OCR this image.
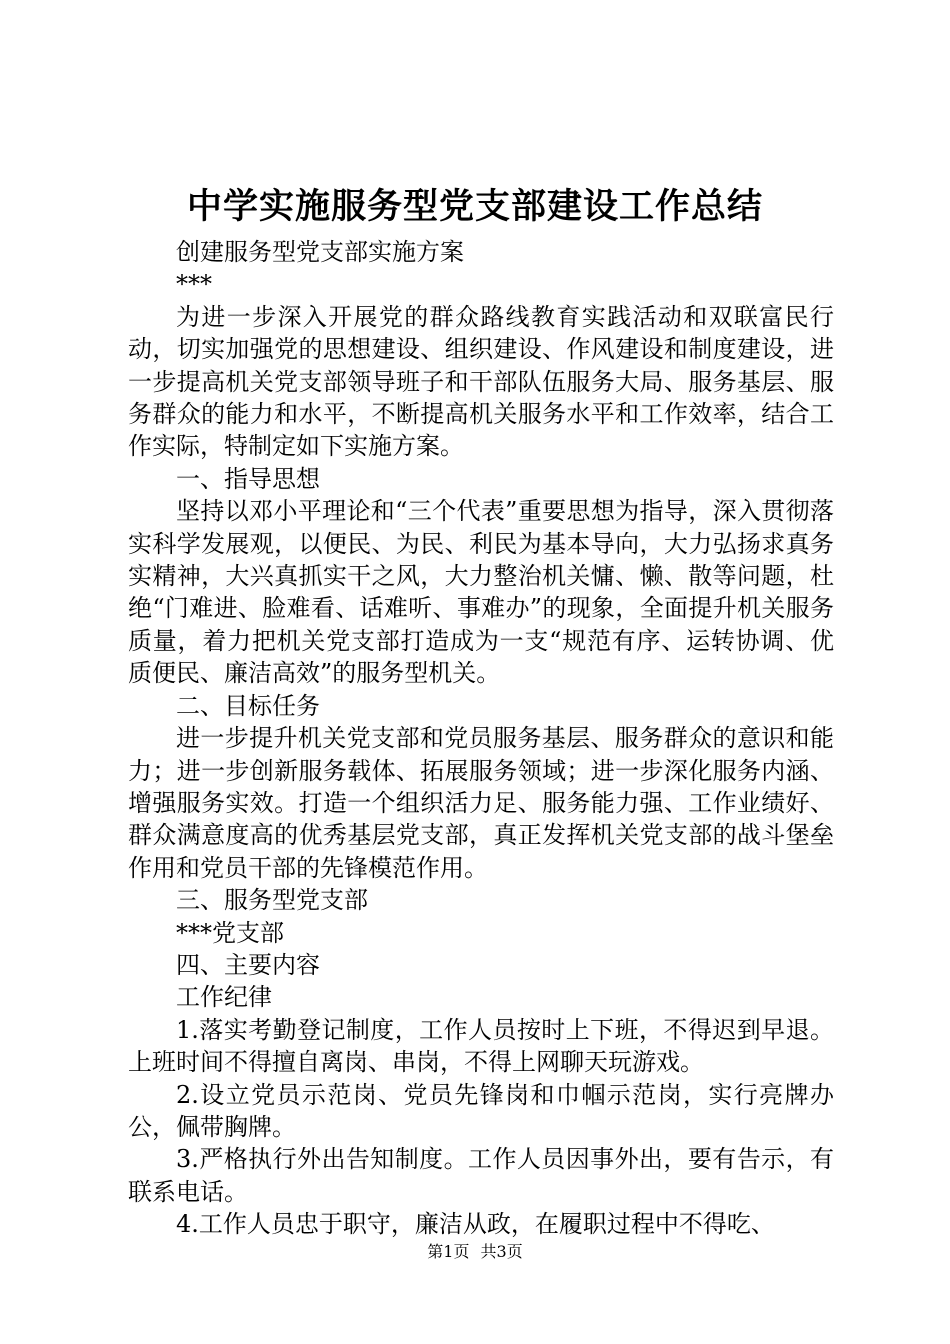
中学实施服务型党支部建设工作总结

创建服务型党支部实施方案

***

为进一步深入开展党的群众路线教育实践活动和双联富民行动，切实加强党的思想建设、组织建设、作风建设和制度建设，进一步提高机关党支部领导班子和干部队伍服务大局、服务基层、服务群众的能力和水平，不断提高机关服务水平和工作效率，结合工作实际，特制定如下实施方案。

一、指导思想

坚持以邓小平理论和“三个代表”重要思想为指导，深入贯彻落实科学发展观，以便民、为民、利民为基本导向，大力弘扬求真务实精神，大兴真抓实干之风，大力整治机关慵、懒、散等问题，杜绝“门难进、脸难看、话难听、事难办”的现象，全面提升机关服务质量，着力把机关党支部打造成为一支“规范有序、运转协调、优质便民、廉洁高效”的服务型机关。

二、目标任务

进一步提升机关党支部和党员服务基层、服务群众的意识和能力；进一步创新服务载体、拓展服务领域；进一步深化服务内涵、增强服务实效。打造一个组织活力足、服务能力强、工作业绩好、群众满意度高的优秀基层党支部，真正发挥机关党支部的战斗堡垒作用和党员干部的先锋模范作用。

三、服务型党支部

***党支部

四、主要内容

工作纪律

1.落实考勤登记制度，工作人员按时上下班，不得迟到早退。上班时间不得擅自离岗、串岗，不得上网聊天玩游戏。

2.设立党员示范岗、党员先锋岗和巾帼示范岗，实行亮牌办公，佩带胸牌。

3.严格执行外出告知制度。工作人员因事外出，要有告示，有联系电话。

4.工作人员忠于职守，廉洁从政，在履职过程中不得吃、

第1页 共3页
